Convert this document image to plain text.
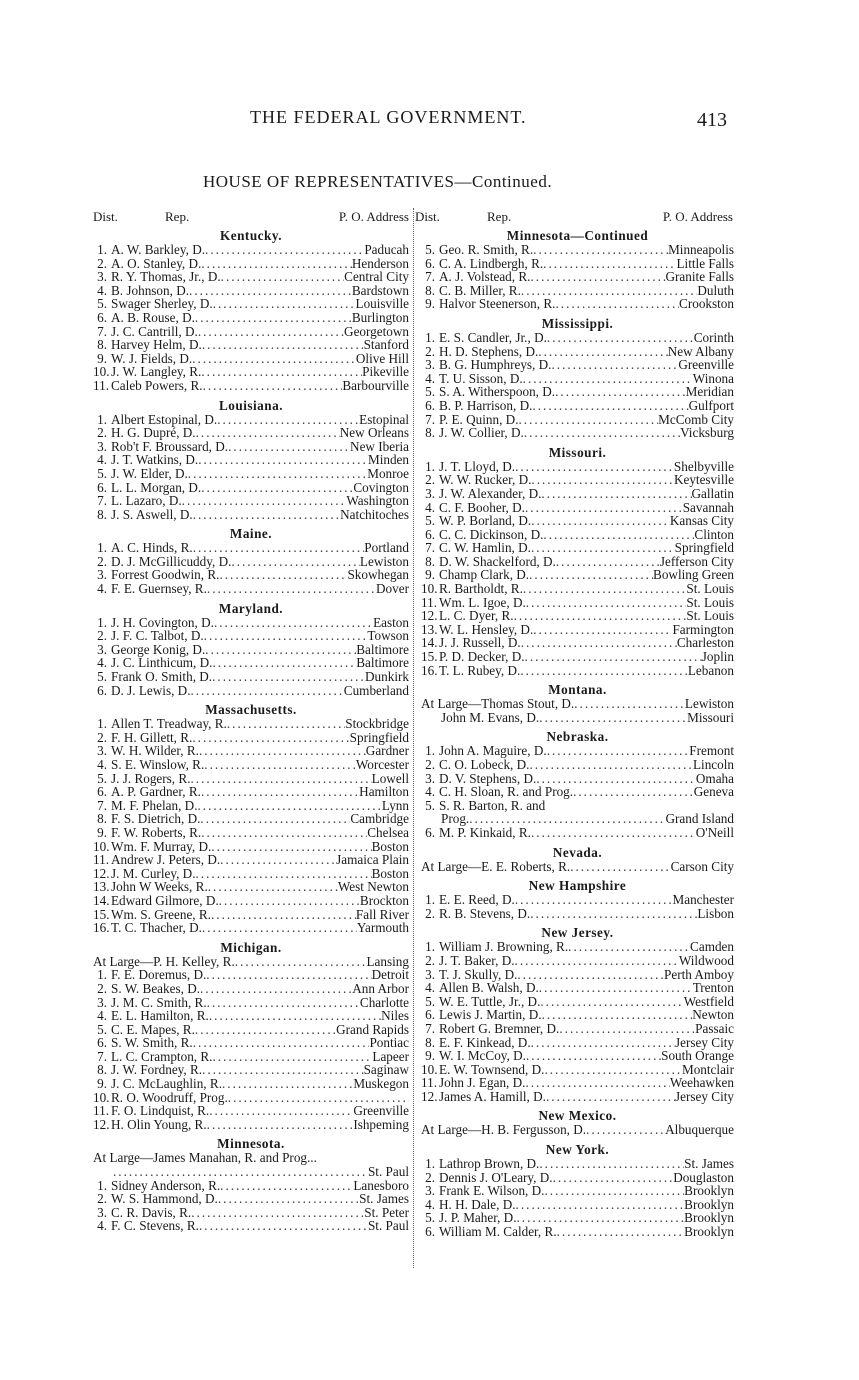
THE FEDERAL GOVERNMENT.	413
HOUSE OF REPRESENTATIVES—Continued.
Dist.	Rep.	P. O. Address Dist.	Rep.	P. O. Address
Kentucky.
1. A. W. Barkley, D. .....	Paducah
2. A. O. Stanley, D. .....	Henderson
3. R. Y. Thomas, Jr., D. .....	Central City
4. B. Johnson, D. .....	Bardstown
5. Swager Sherley, D. .....	Louisville
6. A. B. Rouse, D. .....	Burlington
7. J. C. Cantrill, D. .....	Georgetown
8. Harvey Helm, D. .....	Stanford
9. W. J. Fields, D. .....	Olive Hill
10. J. W. Langley, R. .....	Pikeville
11. Caleb Powers, R. .....	Barbourville
Louisiana.
1. Albert Estopinal, D. .....	Estopinal
2. H. G. Dupré, D. .....	New Orleans
3. Rob't F. Broussard, D. .....	New Iberia
4. J. T. Watkins, D. .....	Minden
5. J. W. Elder, D. .....	Monroe
6. L. L. Morgan, D. .....	Covington
7. L. Lazaro, D. .....	Washington
8. J. S. Aswell, D. .....	Natchitoches
Maine.
1. A. C. Hinds, R. .....	Portland
2. D. J. McGillicuddy, D. .....	Lewiston
3. Forrest Goodwin, R. .....	Skowhegan
4. F. E. Guernsey, R. .....	Dover
Maryland.
1. J. H. Covington, D. .....	Easton
2. J. F. C. Talbot, D. .....	Towson
3. George Konig, D. .....	Baltimore
4. J. C. Linthicum, D. .....	Baltimore
5. Frank O. Smith, D. .....	Dunkirk
6. D. J. Lewis, D. .....	Cumberland
Massachusetts.
1. Allen T. Treadway, R. .....	Stockbridge
2. F. H. Gillett, R. .....	Springfield
3. W. H. Wilder, R. .....	Gardner
4. S. E. Winslow, R. .....	Worcester
5. J. J. Rogers, R. .....	Lowell
6. A. P. Gardner, R. .....	Hamilton
7. M. F. Phelan, D. .....	Lynn
8. F. S. Dietrich, D. .....	Cambridge
9. F. W. Roberts, R. .....	Chelsea
10. Wm. F. Murray, D. .....	Boston
11. Andrew J. Peters, D. .....	Jamaica Plain
12. J. M. Curley, D. .....	Boston
13. John W Weeks, R. .....	West Newton
14. Edward Gilmore, D. .....	Brockton
15. Wm. S. Greene, R. .....	Fall River
16. T. C. Thacher, D. .....	Yarmouth
Michigan.
At Large—P. H. Kelley, R. .....	Lansing
1. F. E. Doremus, D. .....	Detroit
2. S. W. Beakes, D. .....	Ann Arbor
3. J. M. C. Smith, R. .....	Charlotte
4. E. L. Hamilton, R. .....	Niles
5. C. E. Mapes, R. .....	Grand Rapids
6. S. W. Smith, R. .....	Pontiac
7. L. C. Crampton, R. .....	Lapeer
8. J. W. Fordney, R. .....	Saginaw
9. J. C. McLaughlin, R. .....	Muskegon
10. R. O. Woodruff, Prog.
.....
11. F. O. Lindquist, R. .....	Greenville
12. H. Olin Young, R. .....	Ishpeming
Minnesota.
At Large—James Manahan, R. and Prog...
.....
St. Paul
1. Sidney Anderson, R. .....	Lanesboro
2. W. S. Hammond, D. .....	St. James
3. C. R. Davis, R. .....	St. Peter
4. F. C. Stevens, R. .....	St. Paul
Minnesota—Continued
5. Geo. R. Smith, R. .....	Minneapolis
6. C. A. Lindbergh, R. .....	Little Falls
7. A. J. Volstead, R. .....	Granite Falls
8. C. B. Miller, R. .....	Duluth
9. Halvor Steenerson, R. .....	Crookston
Mississippi.
1. E. S. Candler, Jr., D. .....	Corinth
2. H. D. Stephens, D. .....	New Albany
3. B. G. Humphreys, D. .....	Greenville
4. T. U. Sisson, D. .....	Winona
5. S. A. Witherspoon, D. .....	Meridian
6. B. P. Harrison, D. .....	Gulfport
7. P. E. Quinn, D. .....	McComb City
8. J. W. Collier, D. .....	Vicksburg
Missouri.
1. J. T. Lloyd, D. .....	Shelbyville
2. W. W. Rucker, D. .....	Keytesville
3. J. W. Alexander, D. .....	Gallatin
4. C. F. Booher, D. .....	Savannah
5. W. P. Borland, D. .....	Kansas City
6. C. C. Dickinson, D. .....	Clinton
7. C. W. Hamlin, D. .....	Springfield
8. D. W. Shackelford, D. .....	Jefferson City
9. Champ Clark, D. .....	Bowling Green
10. R. Bartholdt, R. .....	St. Louis
11. Wm. L. Igoe, D. .....	St. Louis
12. L. C. Dyer, R. .....	St. Louis
13. W. L. Hensley, D. .....	Farmington
14. J. J. Russell, D. .....	Charleston
15. P. D. Decker, D. .....	Joplin
16. T. L. Rubey, D. .....	Lebanon
Montana.
At Large—Thomas Stout, D. .....	Lewiston
John M. Evans, D. .....	Missouri
Nebraska.
1. John A. Maguire, D. .....	Fremont
2. C. O. Lobeck, D. .....	Lincoln
3. D. V. Stephens, D. .....	Omaha
4. C. H. Sloan, R. and Prog. .....	Geneva
5. S. R. Barton, R. and
Prog. .....	Grand Island
6. M. P. Kinkaid, R. .....	O'Neill
Nevada.
At Large—E. E. Roberts, R. .....	Carson City
New Hampshire
1. E. E. Reed, D. .....	Manchester
2. R. B. Stevens, D. .....	Lisbon
New Jersey.
1. William J. Browning, R. .....	Camden
2. J. T. Baker, D. .....	Wildwood
3. T. J. Skully, D. .....	Perth Amboy
4. Allen B. Walsh, D. .....	Trenton
5. W. E. Tuttle, Jr., D. .....	Westfield
6. Lewis J. Martin, D. .....	Newton
7. Robert G. Bremner, D. .....	Passaic
8. E. F. Kinkead, D. .....	Jersey City
9. W. I. McCoy, D. .....	South Orange
10. E. W. Townsend, D. .....	Montclair
11. John J. Egan, D. .....	Weehawken
12. James A. Hamill, D. .....	Jersey City
New Mexico.
At Large—H. B. Fergusson, D. .....	Albuquerque
New York.
1. Lathrop Brown, D. .....	St. James
2. Dennis J. O'Leary, D. .....	Douglaston
3. Frank E. Wilson, D. .....	Brooklyn
4. H. H. Dale, D. .....	Brooklyn
5. J. P. Maher, D. .....	Brooklyn
6. William M. Calder, R. .....	Brooklyn
